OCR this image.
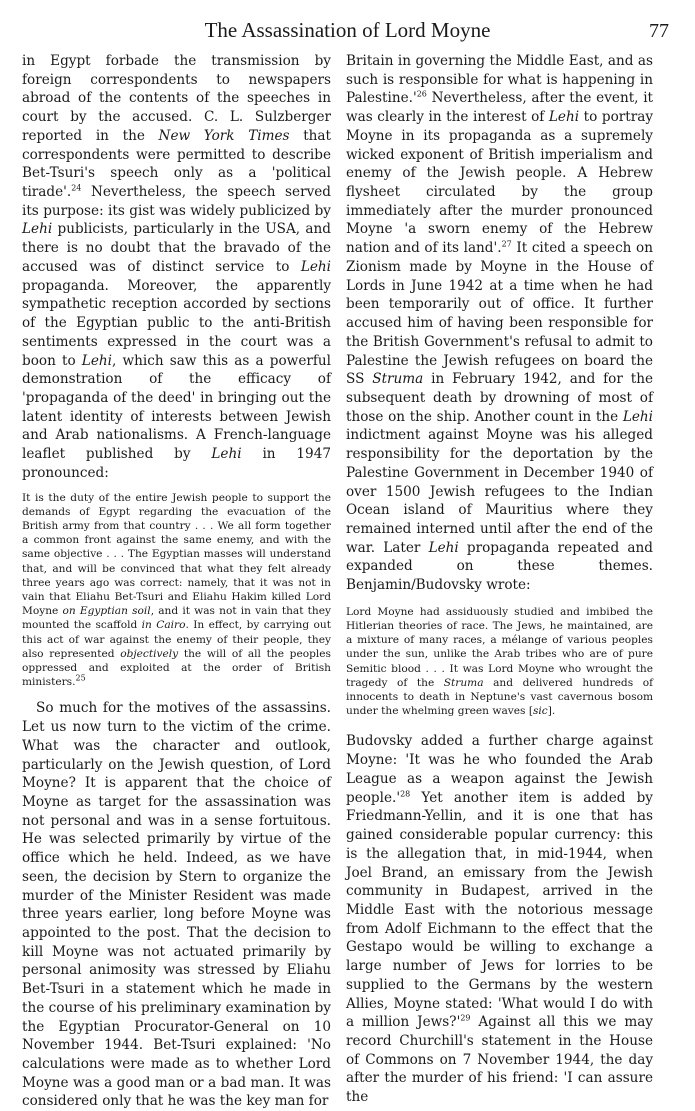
The Assassination of Lord Moyne	77

in Egypt forbade the transmission by foreign correspondents to newspapers abroad of the contents of the speeches in court by the accused. C. L. Sulzberger reported in the New York Times that correspondents were permitted to describe Bet-Tsuri's speech only as a 'political tirade'.$^{24}$ Nevertheless, the speech served its purpose: its gist was widely publicized by Lehi publicists, particularly in the USA, and there is no doubt that the bravado of the accused was of distinct service to Lehi propaganda. Moreover, the apparently sympathetic reception accorded by sections of the Egyptian public to the anti-British sentiments expressed in the court was a boon to Lehi, which saw this as a powerful demonstration of the efficacy of 'propaganda of the deed' in bringing out the latent identity of interests between Jewish and Arab nationalisms. A French-language leaflet published by Lehi in 1947 pronounced:

It is the duty of the entire Jewish people to support the demands of Egypt regarding the evacuation of the British army from that country . . . We all form together a common front against the same enemy, and with the same objective . . . The Egyptian masses will understand that, and will be convinced that what they felt already three years ago was correct: namely, that it was not in vain that Eliahu Bet-Tsuri and Eliahu Hakim killed Lord Moyne on Egyptian soil, and it was not in vain that they mounted the scaffold in Cairo. In effect, by carrying out this act of war against the enemy of their people, they also represented objectively the will of all the peoples oppressed and exploited at the order of British ministers.$^{25}$

So much for the motives of the assassins. Let us now turn to the victim of the crime. What was the character and outlook, particularly on the Jewish question, of Lord Moyne? It is apparent that the choice of Moyne as target for the assassination was not personal and was in a sense fortuitous. He was selected primarily by virtue of the office which he held. Indeed, as we have seen, the decision by Stern to organize the murder of the Minister Resident was made three years earlier, long before Moyne was appointed to the post. That the decision to kill Moyne was not actuated primarily by personal animosity was stressed by Eliahu Bet-Tsuri in a statement which he made in the course of his preliminary examination by the Egyptian Procurator-General on 10 November 1944. Bet-Tsuri explained: 'No calculations were made as to whether Lord Moyne was a good man or a bad man. It was considered only that he was the key man for

Britain in governing the Middle East, and as such is responsible for what is happening in $Palestine.'^{26}$ Nevertheless, after the event, it was clearly in the interest of Lehi to portray Moyne in its propaganda as a supremely wicked exponent of British imperialism and enemy of the Jewish people. A Hebrew flysheet circulated by the group immediately after the murder pronounced Moyne 'a sworn enemy of the Hebrew nation and of its land'.$^{27}$ It cited a speech on Zionism made by Moyne in the House of Lords in June 1942 at a time when he had been temporarily out of office. It further accused him of having been responsible for the British Government's refusal to admit to Palestine the Jewish refugees on board the SS Struma in February 1942, and for the subsequent death by drowning of most of those on the ship. Another count in the Lehi indictment against Moyne was his alleged responsibility for the deportation by the Palestine Government in December 1940 of over 1500 Jewish refugees to the Indian Ocean island of Mauritius where they remained interned until after the end of the war. Later Lehi propaganda repeated and expanded on these themes. Benjamin/Budovsky wrote:

Lord Moyne had assiduously studied and imbibed the Hitlerian theories of race. The Jews, he maintained, are a mixture of many races, a mélange of various peoples under the sun, unlike the Arab tribes who are of pure Semitic blood . . . It was Lord Moyne who wrought the tragedy of the Struma and delivered hundreds of innocents to death in Neptune's vast cavernous bosom under the whelming green waves [sic].

Budovsky added a further charge against Moyne: 'It was he who founded the Arab League as a weapon against the Jewish $people.'^{28}$ Yet another item is added by Friedmann-Yellin, and it is one that has gained considerable popular currency: this is the allegation that, in mid-1944, when Joel Brand, an emissary from the Jewish community in Budapest, arrived in the Middle East with the notorious message from Adolf Eichmann to the effect that the Gestapo would be willing to exchange a large number of Jews for lorries to be supplied to the Germans by the western Allies, Moyne stated: 'What would I do with a million $Jews?'^{29}$ Against all this we may record Churchill's statement in the House of Commons on 7 November 1944, the day after the murder of his friend: 'I can assure the
